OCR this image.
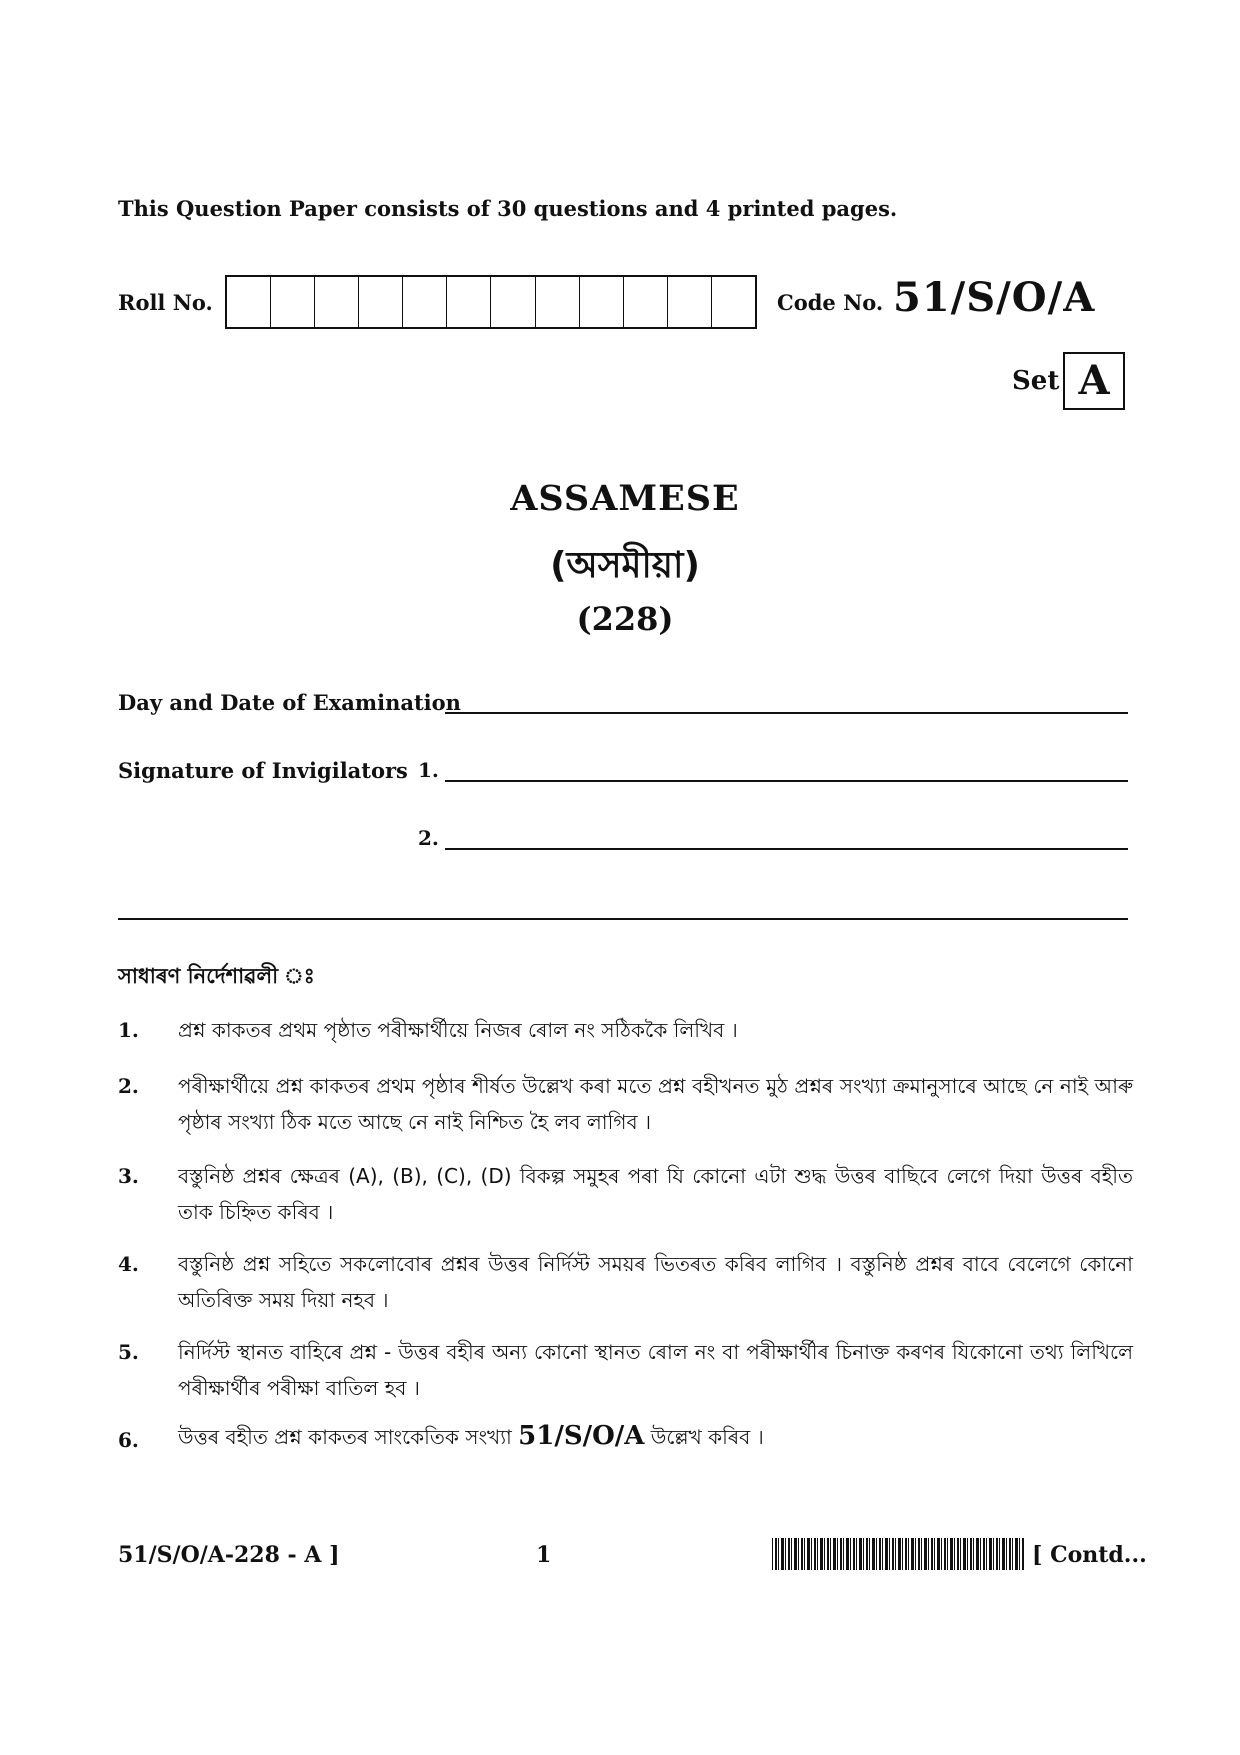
This Question Paper consists of 30 questions and 4 printed pages.
Roll No.	Code No. 51/S/O/A
Set A
ASSAMESE
(অসমীয়া)
(228)
Day and Date of Examination
Signature of Invigilators 1.
2.
সাধাৰণ নিৰ্দেশাৱলী ঃ
1. প্ৰশ্ন কাকতৰ প্ৰথম পৃষ্ঠাত পৰীক্ষাৰ্থীয়ে নিজৰ ৰোল নং সঠিককৈ লিখিব ।
2. পৰীক্ষাৰ্থীয়ে প্ৰশ্ন কাকতৰ প্ৰথম পৃষ্ঠাৰ শীৰ্ষত উল্লেখ কৰা মতে প্ৰশ্ন বহীখনত মুঠ প্ৰশ্নৰ সংখ্যা ক্ৰমানুসাৰে আছে নে নাই আৰু পৃষ্ঠাৰ সংখ্যা ঠিক মতে আছে নে নাই নিশ্চিত হৈ লব লাগিব ।
3. বস্তুনিষ্ঠ প্ৰশ্নৰ ক্ষেত্ৰৰ (A), (B), (C), (D) বিকল্প সমুহৰ পৰা যি কোনো এটা শুদ্ধ উত্তৰ বাছিবে লেগে দিয়া উত্তৰ বহীত তাক চিহ্নিত কৰিব ।
4. বস্তুনিষ্ঠ প্ৰশ্ন সহিতে সকলোবোৰ প্ৰশ্নৰ উত্তৰ নিৰ্দিস্ট সময়ৰ ভিতৰত কৰিব লাগিব । বস্তুনিষ্ঠ প্ৰশ্নৰ বাবে বেলেগে কোনো অতিৰিক্ত সময় দিয়া নহব ।
5. নিৰ্দিস্ট স্থানত বাহিৰে প্ৰশ্ন - উত্তৰ বহীৰ অন্য কোনো স্থানত ৰোল নং বা পৰীক্ষাৰ্থীৰ চিনাক্ত কৰণৰ যিকোনো তথ্য লিখিলে পৰীক্ষাৰ্থীৰ পৰীক্ষা বাতিল হব ।
6. উত্তৰ বহীত প্ৰশ্ন কাকতৰ সাংকেতিক সংখ্যা 51/S/O/A উল্লেখ কৰিব ।
51/S/O/A-228 - A ]	1	[ Contd...
